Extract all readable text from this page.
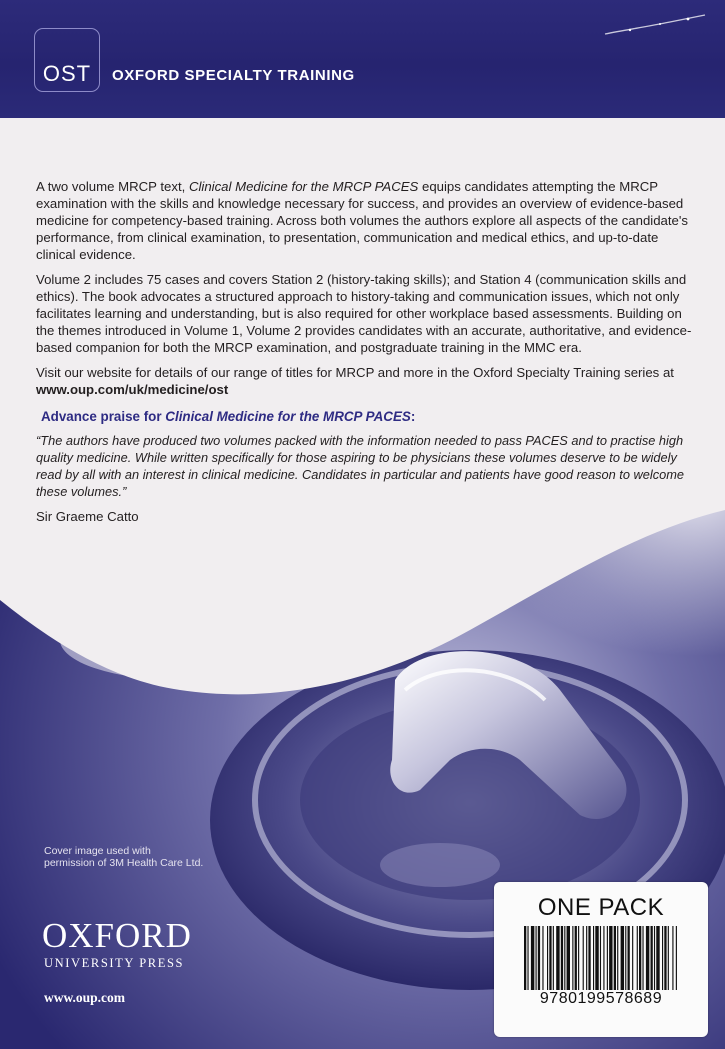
OST	OXFORD SPECIALTY TRAINING

A two volume MRCP text, Clinical Medicine for the MRCP PACES equips candidates attempting the MRCP examination with the skills and knowledge necessary for success, and provides an overview of evidence-based medicine for competency-based training. Across both volumes the authors explore all aspects of the candidate's performance, from clinical examination, to presentation, communication and medical ethics, and up-to-date clinical evidence.

Volume 2 includes 75 cases and covers Station 2 (history-taking skills); and Station 4 (communication skills and ethics). The book advocates a structured approach to history-taking and communication issues, which not only facilitates learning and understanding, but is also required for other workplace based assessments. Building on the themes introduced in Volume 1, Volume 2 provides candidates with an accurate, authoritative, and evidence-based companion for both the MRCP examination, and postgraduate training in the MMC era.

Visit our website for details of our range of titles for MRCP and more in the Oxford Specialty Training series at www.oup.com/uk/medicine/ost

Advance praise for Clinical Medicine for the MRCP PACES:

“The authors have produced two volumes packed with the information needed to pass PACES and to practise high quality medicine. While written specifically for those aspiring to be physicians these volumes deserve to be widely read by all with an interest in clinical medicine. Candidates in particular and patients have good reason to welcome these volumes.”

Sir Graeme Catto

Cover image used with
permission of 3M Health Care Ltd.
OXFORD
UNIVERSITY PRESS
www.oup.com
ONE PACK
9780199578689
